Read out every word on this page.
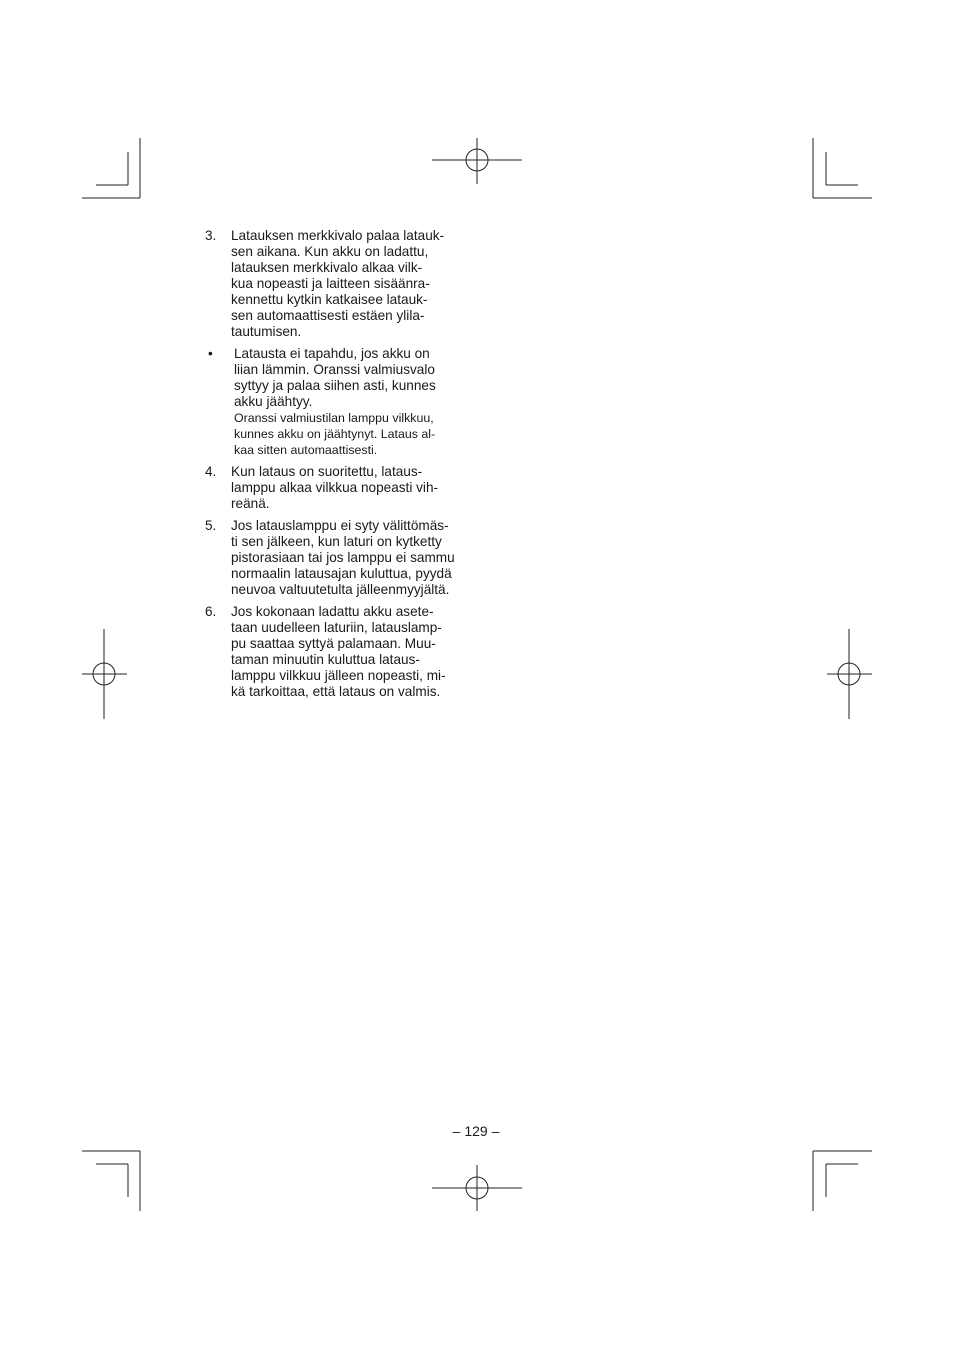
3.	Latauksen merkkivalo palaa latauk-
sen aikana. Kun akku on ladattu,
latauksen merkkivalo alkaa vilk-
kua nopeasti ja laitteen sisäänra-
kennettu kytkin katkaisee latauk-
sen automaattisesti estäen ylila-
tautumisen.
•	Latausta ei tapahdu, jos akku on
liian lämmin. Oranssi valmiusvalo
syttyy ja palaa siihen asti, kunnes
akku jäähtyy.
Oranssi valmiustilan lamppu vilkkuu,
kunnes akku on jäähtynyt. Lataus al-
kaa sitten automaattisesti.
4.	Kun lataus on suoritettu, lataus-
lamppu alkaa vilkkua nopeasti vih-
reänä.
5.	Jos latauslamppu ei syty välittömäs-
ti sen jälkeen, kun laturi on kytketty
pistorasiaan tai jos lamppu ei sammu
normaalin latausajan kuluttua, pyydä
neuvoa valtuutetulta jälleenmyyjältä.
6.	Jos kokonaan ladattu akku asete-
taan uudelleen laturiin, latauslamp-
pu saattaa syttyä palamaan. Muu-
taman minuutin kuluttua lataus-
lamppu vilkkuu jälleen nopeasti, mi-
kä tarkoittaa, että lataus on valmis.
– 129 –
